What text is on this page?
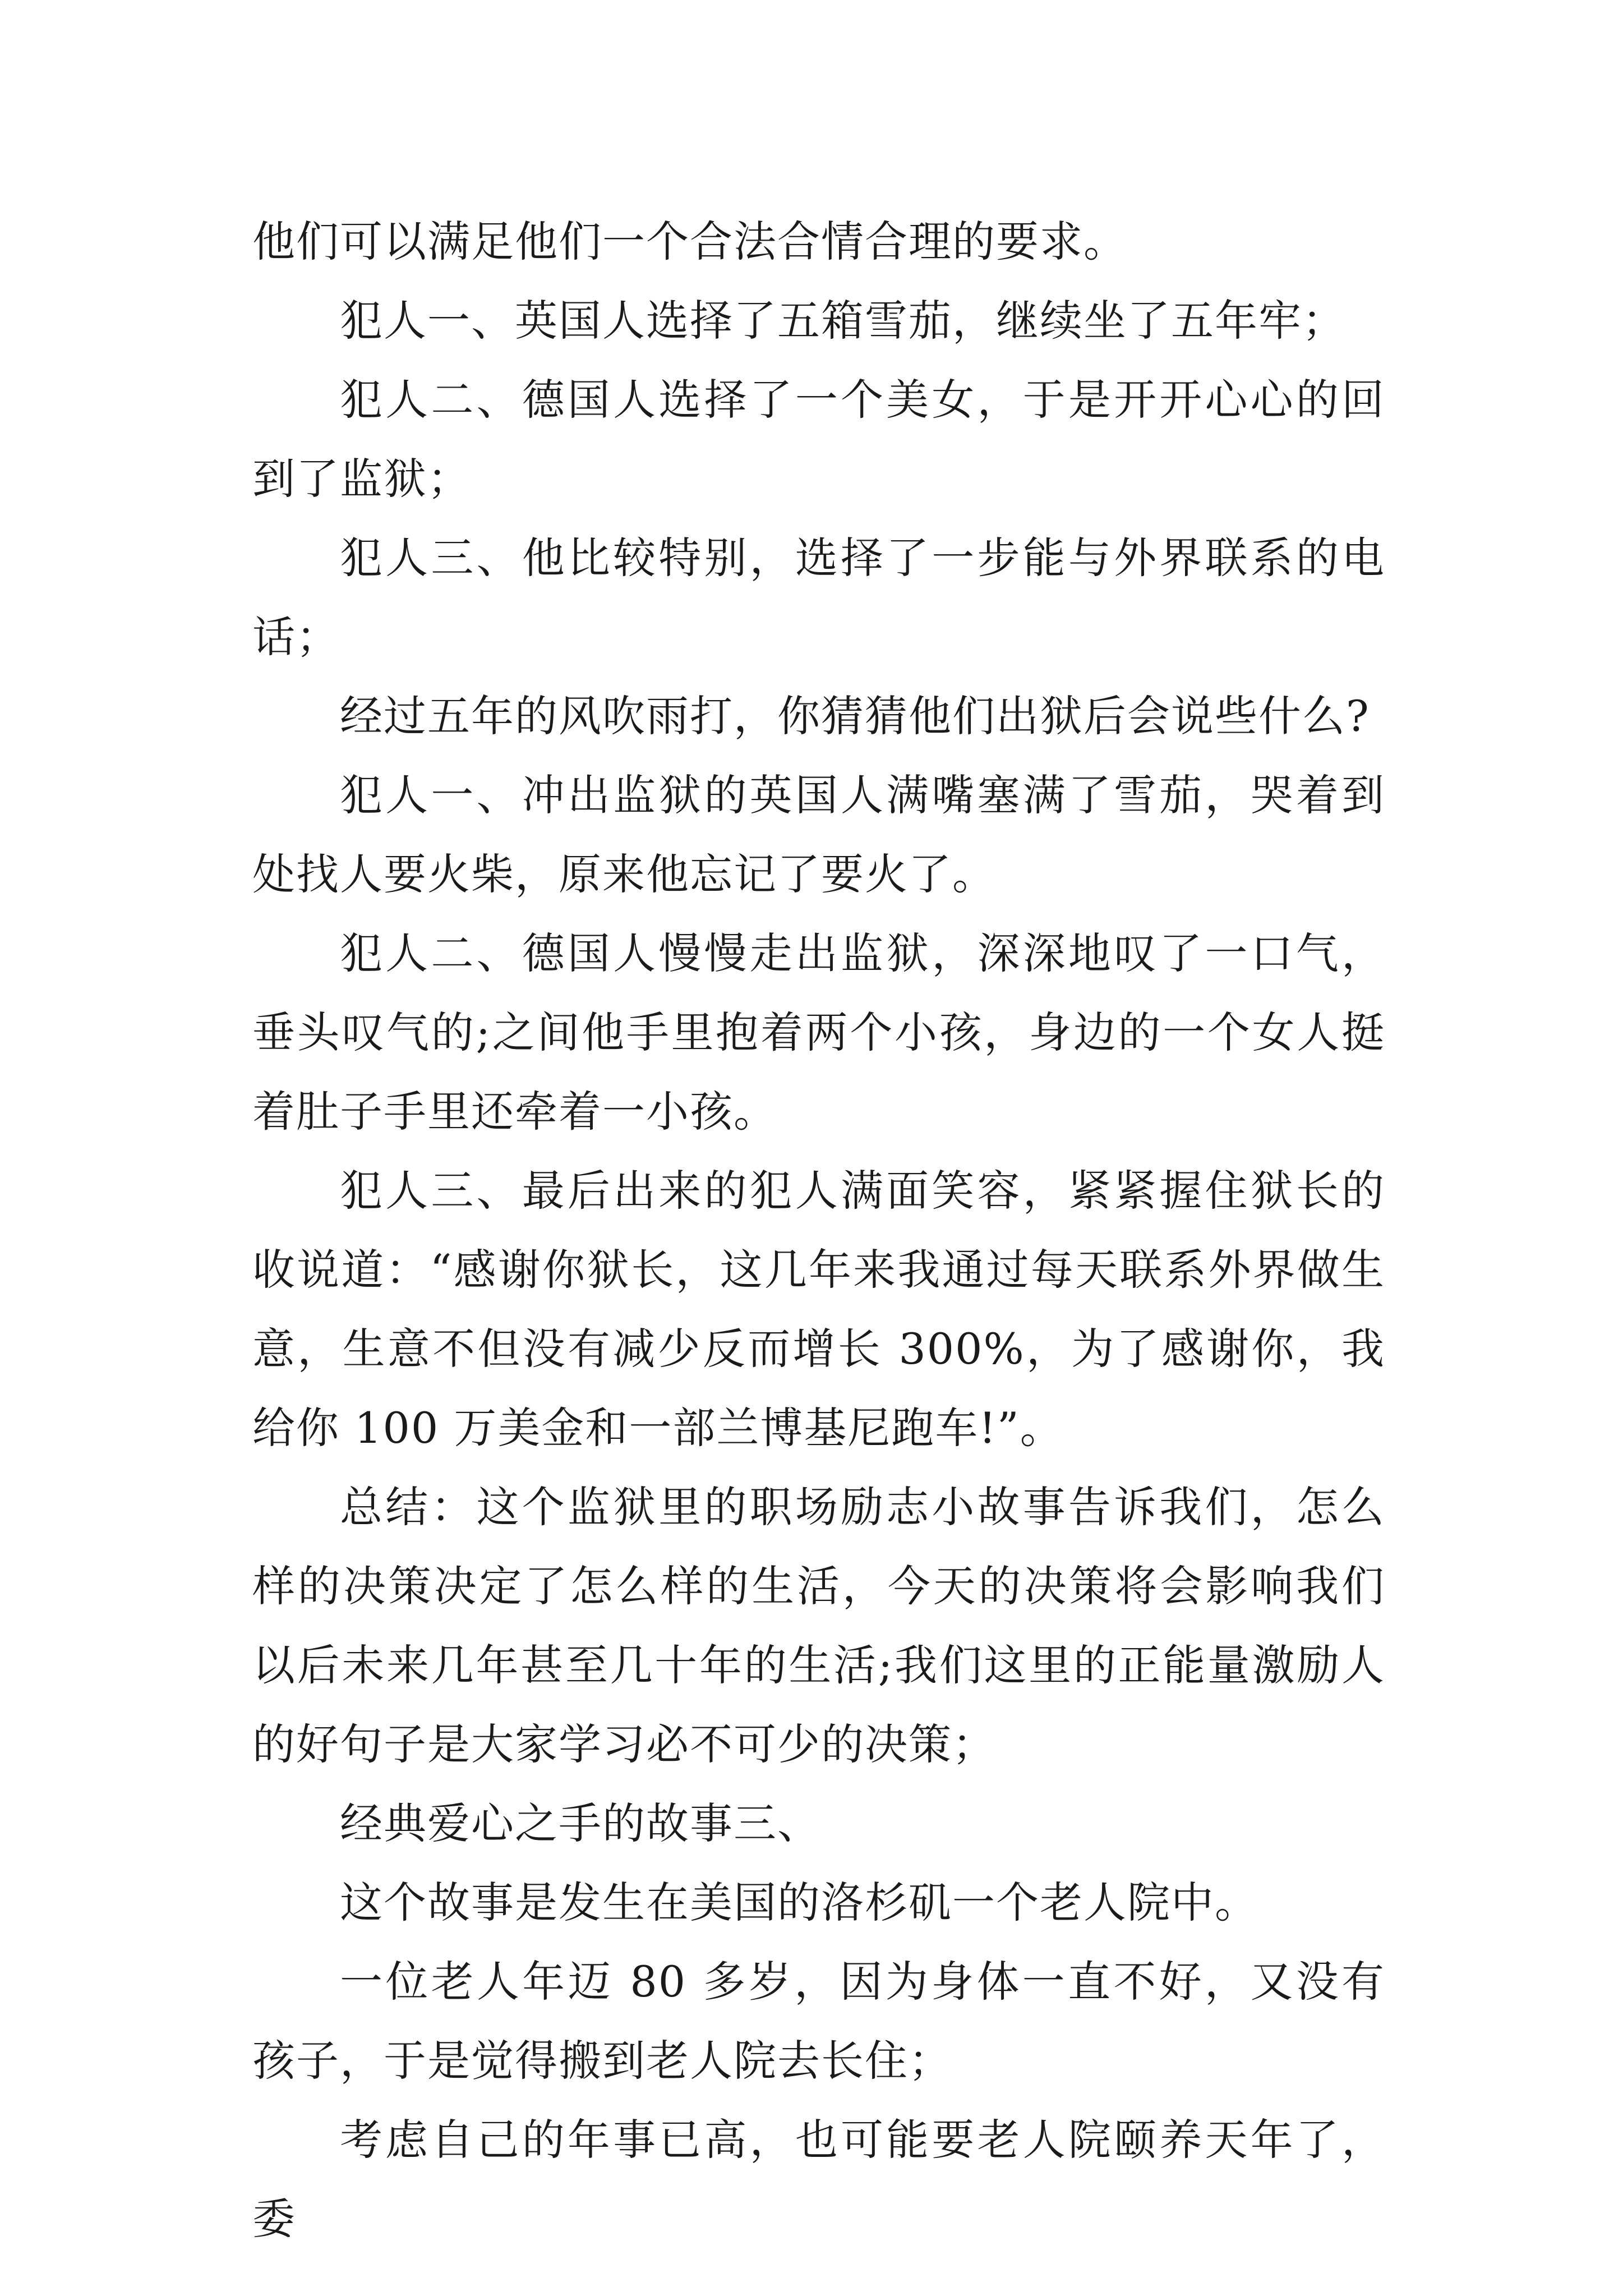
他们可以满足他们一个合法合情合理的要求。

犯人一、英国人选择了五箱雪茄，继续坐了五年牢；

犯人二、德国人选择了一个美女，于是开开心心的回到了监狱；

犯人三、他比较特别，选择了一步能与外界联系的电话；

经过五年的风吹雨打，你猜猜他们出狱后会说些什么?

犯人一、冲出监狱的英国人满嘴塞满了雪茄，哭着到处找人要火柴，原来他忘记了要火了。

犯人二、德国人慢慢走出监狱，深深地叹了一口气，垂头叹气的;之间他手里抱着两个小孩，身边的一个女人挺着肚子手里还牵着一小孩。

犯人三、最后出来的犯人满面笑容，紧紧握住狱长的收说道：“感谢你狱长，这几年来我通过每天联系外界做生意，生意不但没有减少反而增长 300%，为了感谢你，我给你 100 万美金和一部兰博基尼跑车!”。

总结：这个监狱里的职场励志小故事告诉我们，怎么样的决策决定了怎么样的生活，今天的决策将会影响我们以后未来几年甚至几十年的生活;我们这里的正能量激励人的好句子是大家学习必不可少的决策；

经典爱心之手的故事三、

这个故事是发生在美国的洛杉矶一个老人院中。

一位老人年迈 80 多岁，因为身体一直不好，又没有孩子，于是觉得搬到老人院去长住；

考虑自己的年事已高，也可能要老人院颐养天年了，委
